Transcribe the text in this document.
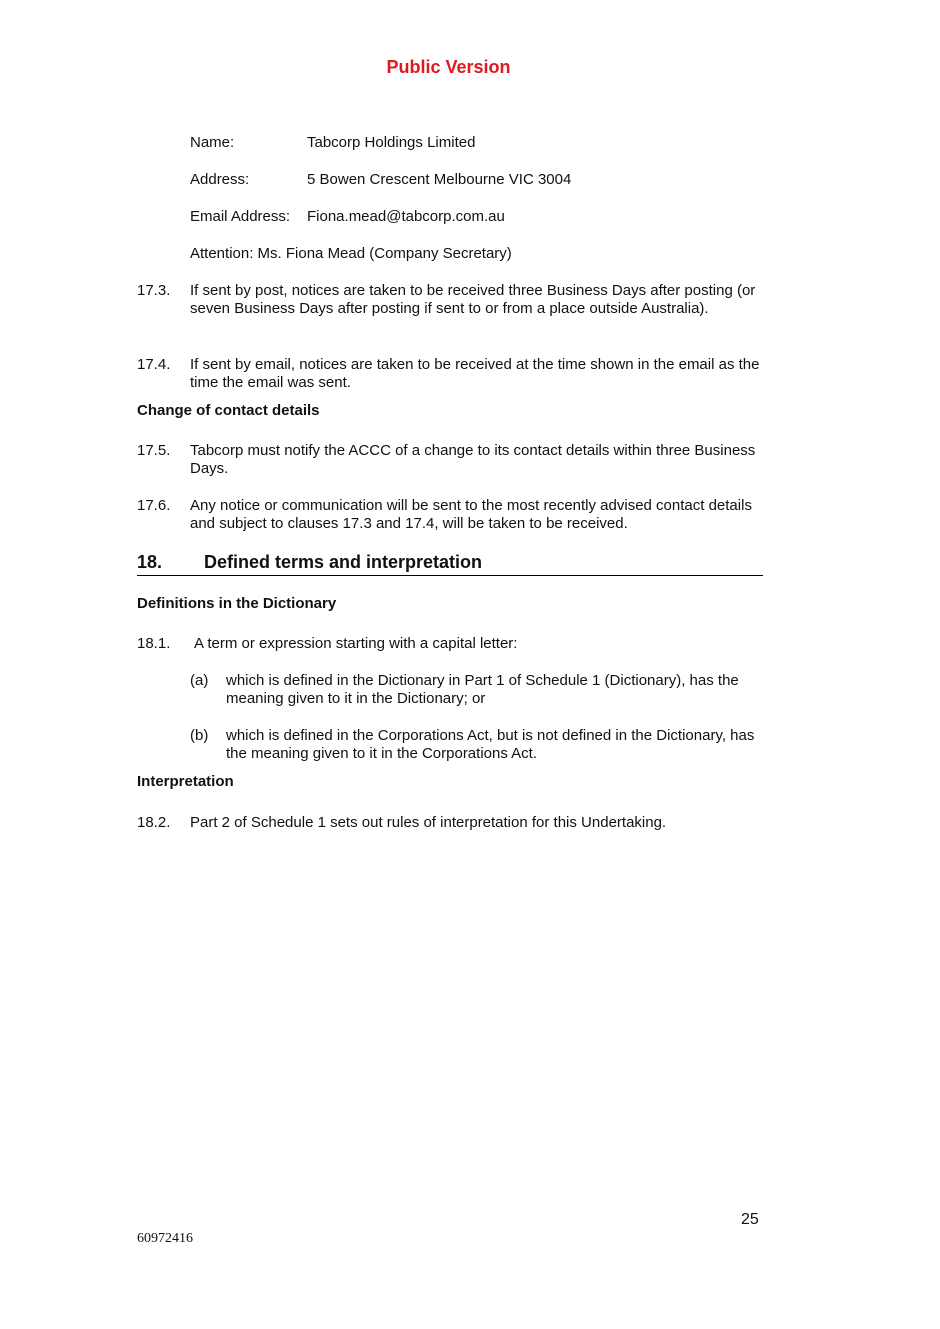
Public Version
Name:	Tabcorp Holdings Limited
Address:	5 Bowen Crescent Melbourne VIC 3004
Email Address: Fiona.mead@tabcorp.com.au
Attention: Ms. Fiona Mead (Company Secretary)
17.3. If sent by post, notices are taken to be received three Business Days after posting (or seven Business Days after posting if sent to or from a place outside Australia).
17.4. If sent by email, notices are taken to be received at the time shown in the email as the time the email was sent.
Change of contact details
17.5. Tabcorp must notify the ACCC of a change to its contact details within three Business Days.
17.6. Any notice or communication will be sent to the most recently advised contact details and subject to clauses 17.3 and 17.4, will be taken to be received.
18. Defined terms and interpretation
Definitions in the Dictionary
18.1. A term or expression starting with a capital letter:
(a) which is defined in the Dictionary in Part 1 of Schedule 1 (Dictionary), has the meaning given to it in the Dictionary; or
(b) which is defined in the Corporations Act, but is not defined in the Dictionary, has the meaning given to it in the Corporations Act.
Interpretation
18.2. Part 2 of Schedule 1 sets out rules of interpretation for this Undertaking.
25
60972416
